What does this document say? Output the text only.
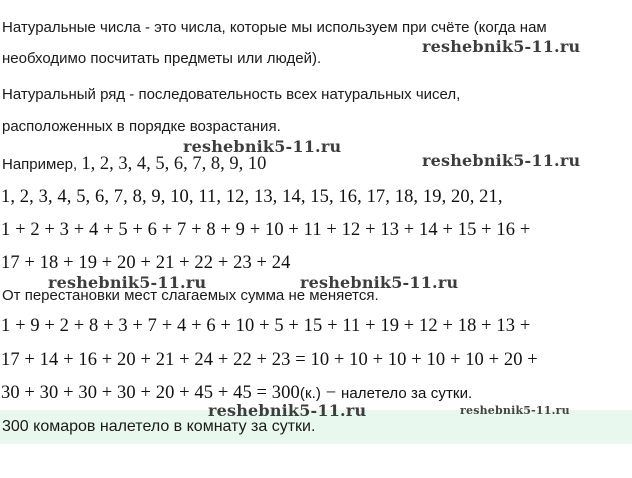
Натуральные числа - это числа, которые мы используем при счёте (когда нам
необходимо посчитать предметы или людей).
Натуральный ряд - последовательность всех натуральных чисел,
расположенных в порядке возрастания.
Например, 1, 2, 3, 4, 5, 6, 7, 8, 9, 10
1, 2, 3, 4, 5, 6, 7, 8, 9, 10, 11, 12, 13, 14, 15, 16, 17, 18, 19, 20, 21,
1 + 2 + 3 + 4 + 5 + 6 + 7 + 8 + 9 + 10 + 11 + 12 + 13 + 14 + 15 + 16 +
17 + 18 + 19 + 20 + 21 + 22 + 23 + 24
От перестановки мест слагаемых сумма не меняется.
1 + 9 + 2 + 8 + 3 + 7 + 4 + 6 + 10 + 5 + 15 + 11 + 19 + 12 + 18 + 13 +
17 + 14 + 16 + 20 + 21 + 24 + 22 + 23 = 10 + 10 + 10 + 10 + 10 + 20 +
30 + 30 + 30 + 30 + 20 + 45 + 45 = 300(к.) − налетело за сутки.
300 комаров налетело в комнату за сутки.
reshebnik5-11.ru
reshebnik5-11.ru
reshebnik5-11.ru
reshebnik5-11.ru	reshebnik5-11.ru
reshebnik5-11.ru	reshebnik5-11.ru
